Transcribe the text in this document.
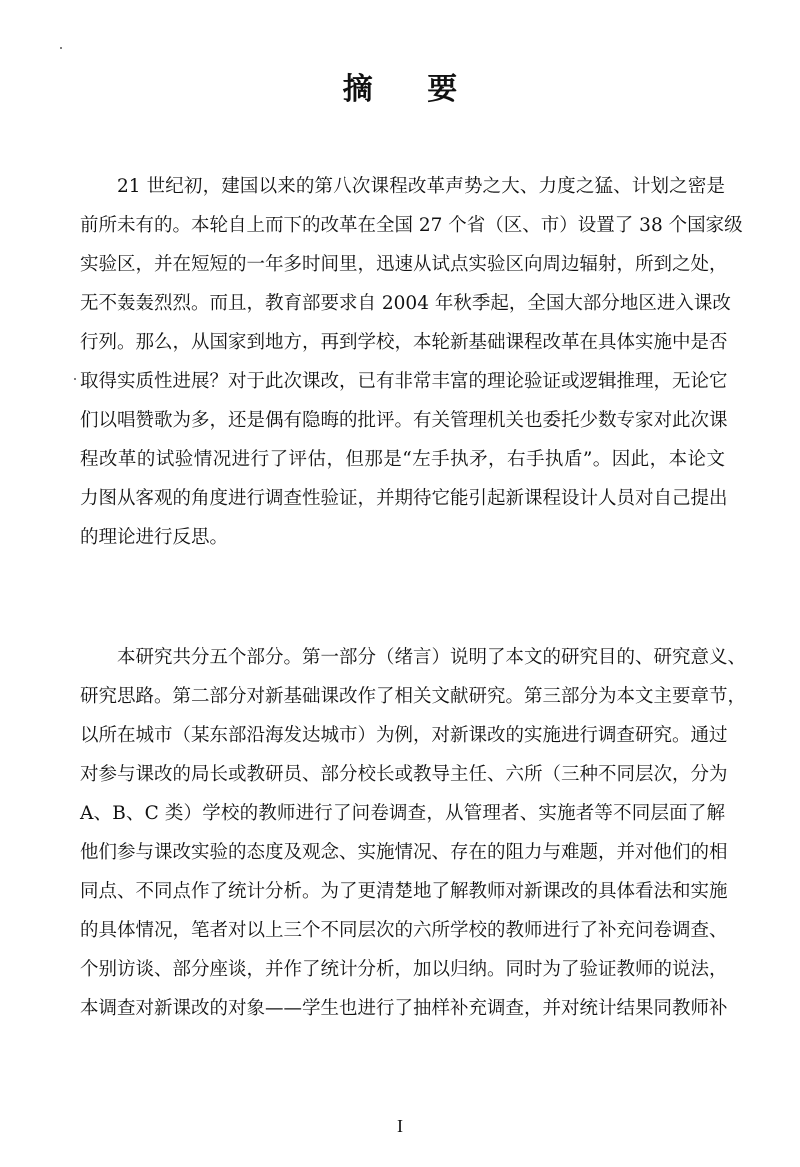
摘 要

21 世纪初，建国以来的第八次课程改革声势之大、力度之猛、计划之密是
前所未有的。本轮自上而下的改革在全国 27 个省（区、市）设置了 38 个国家级
实验区，并在短短的一年多时间里，迅速从试点实验区向周边辐射，所到之处，
无不轰轰烈烈。而且，教育部要求自 2004 年秋季起，全国大部分地区进入课改
行列。那么，从国家到地方，再到学校，本轮新基础课程改革在具体实施中是否
取得实质性进展？对于此次课改，已有非常丰富的理论验证或逻辑推理，无论它
们以唱赞歌为多，还是偶有隐晦的批评。有关管理机关也委托少数专家对此次课
程改革的试验情况进行了评估，但那是“左手执矛，右手执盾”。因此，本论文
力图从客观的角度进行调查性验证，并期待它能引起新课程设计人员对自己提出
的理论进行反思。

本研究共分五个部分。第一部分（绪言）说明了本文的研究目的、研究意义、
研究思路。第二部分对新基础课改作了相关文献研究。第三部分为本文主要章节，
以所在城市（某东部沿海发达城市）为例，对新课改的实施进行调查研究。通过
对参与课改的局长或教研员、部分校长或教导主任、六所（三种不同层次，分为
A、B、C 类）学校的教师进行了问卷调查，从管理者、实施者等不同层面了解
他们参与课改实验的态度及观念、实施情况、存在的阻力与难题，并对他们的相
同点、不同点作了统计分析。为了更清楚地了解教师对新课改的具体看法和实施
的具体情况，笔者对以上三个不同层次的六所学校的教师进行了补充问卷调查、
个别访谈、部分座谈，并作了统计分析，加以归纳。同时为了验证教师的说法，
本调查对新课改的对象——学生也进行了抽样补充调查，并对统计结果同教师补

I
